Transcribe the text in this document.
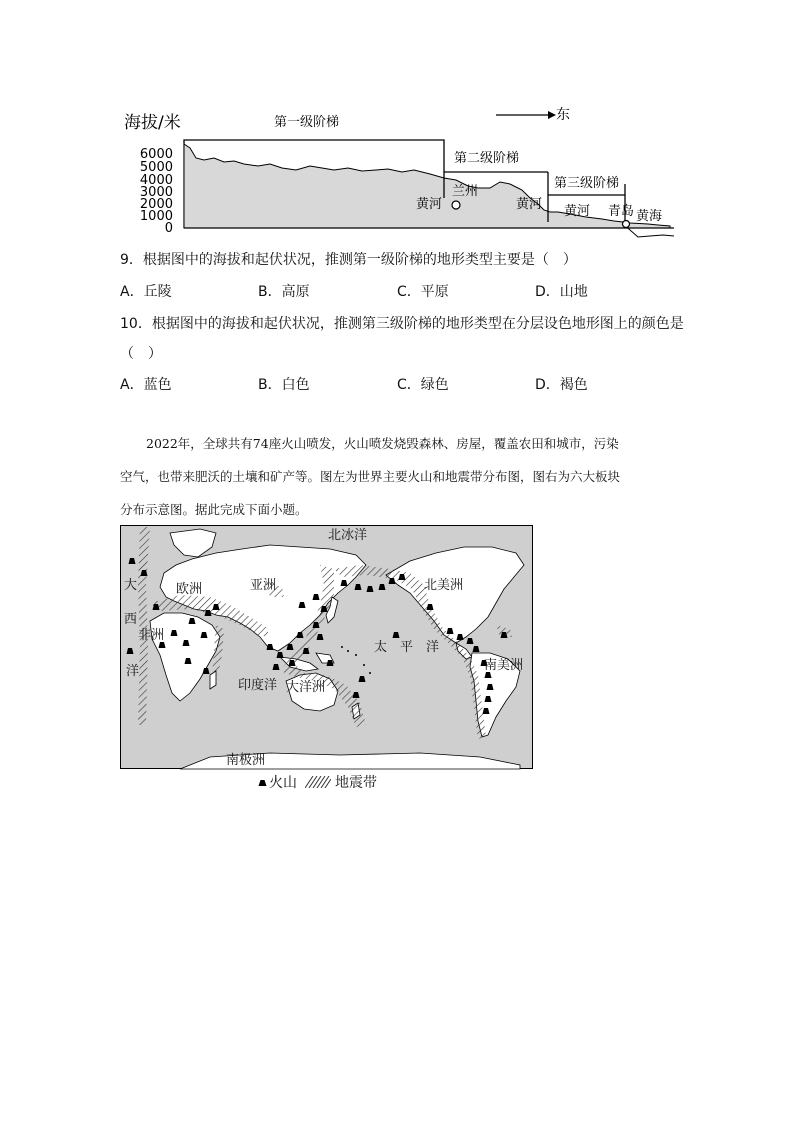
海拔/米
6000
5000
4000
3000
2000
1000
0
第一级阶梯
第二级阶梯
第三级阶梯
东
黄河
兰州
黄河 黄河 青岛 黄海
9．根据图中的海拔和起伏状况，推测第一级阶梯的地形类型主要是（　）
A．丘陵	B．高原	C．平原	D．山地
10．根据图中的海拔和起伏状况，推测第三级阶梯的地形类型在分层设色地形图上的颜色是
（　）
A．蓝色	B．白色	C．绿色	D．褐色
2022年，全球共有74座火山喷发，火山喷发烧毁森林、房屋，覆盖农田和城市，污染
空气，也带来肥沃的土壤和矿产等。图左为世界主要火山和地震带分布图，图右为六大板块
分布示意图。据此完成下面小题。
北冰洋
欧洲	亚洲	北美洲
大
西
非洲
洋
太　平　洋
南美洲
印度洋 大洋洲
南极洲
火山	地震带
